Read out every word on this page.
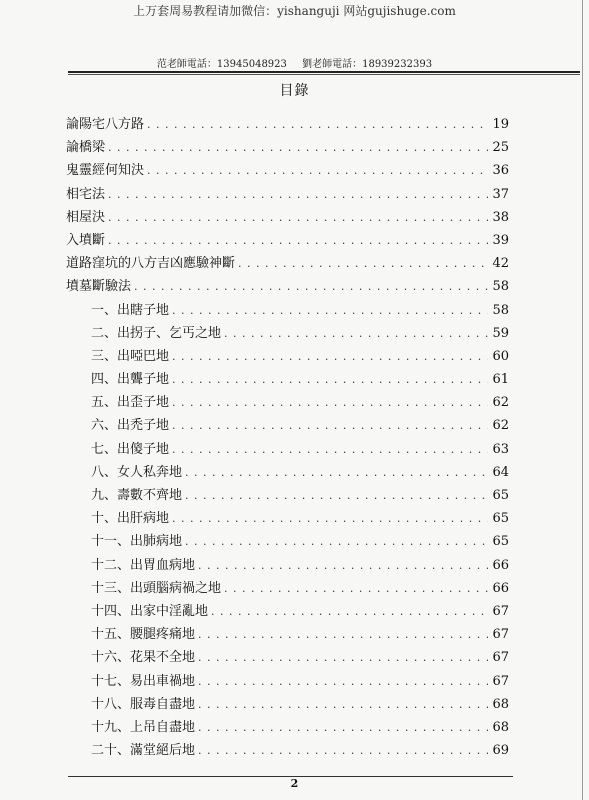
上万套周易教程请加微信：yishanguji 网站gujishuge.com
范老師電話：13945048923 劉老師電話：18939232393
目錄
論陽宅八方路 . . .	19
論橋梁 . . .	25
鬼靈經何知決 . . .	36
相宅法 . . .	37
相屋決 . . .	38
入墳斷 . . .	39
道路窪坑的八方吉凶應驗神斷 . . .	42
墳墓斷驗法 . . .	58
一、出瞎子地 . . .	58
二、出拐子、乞丐之地 . . .	59
三、出啞巴地 . . .	60
四、出聾子地 . . .	61
五、出歪子地 . . .	62
六、出禿子地 . . .	62
七、出傻子地 . . .	63
八、女人私奔地 . . .	64
九、壽數不齊地 . . .	65
十、出肝病地 . . .	65
十一、出肺病地 . . .	65
十二、出胃血病地 . . .	66
十三、出頭腦病禍之地 . . .	66
十四、出家中淫亂地 . . .	67
十五、腰腿疼痛地 . . .	67
十六、花果不全地 . . .	67
十七、易出車禍地 . . .	67
十八、服毒自盡地 . . .	68
十九、上吊自盡地 . . .	68
二十、滿堂絕后地 . . .	69
2
